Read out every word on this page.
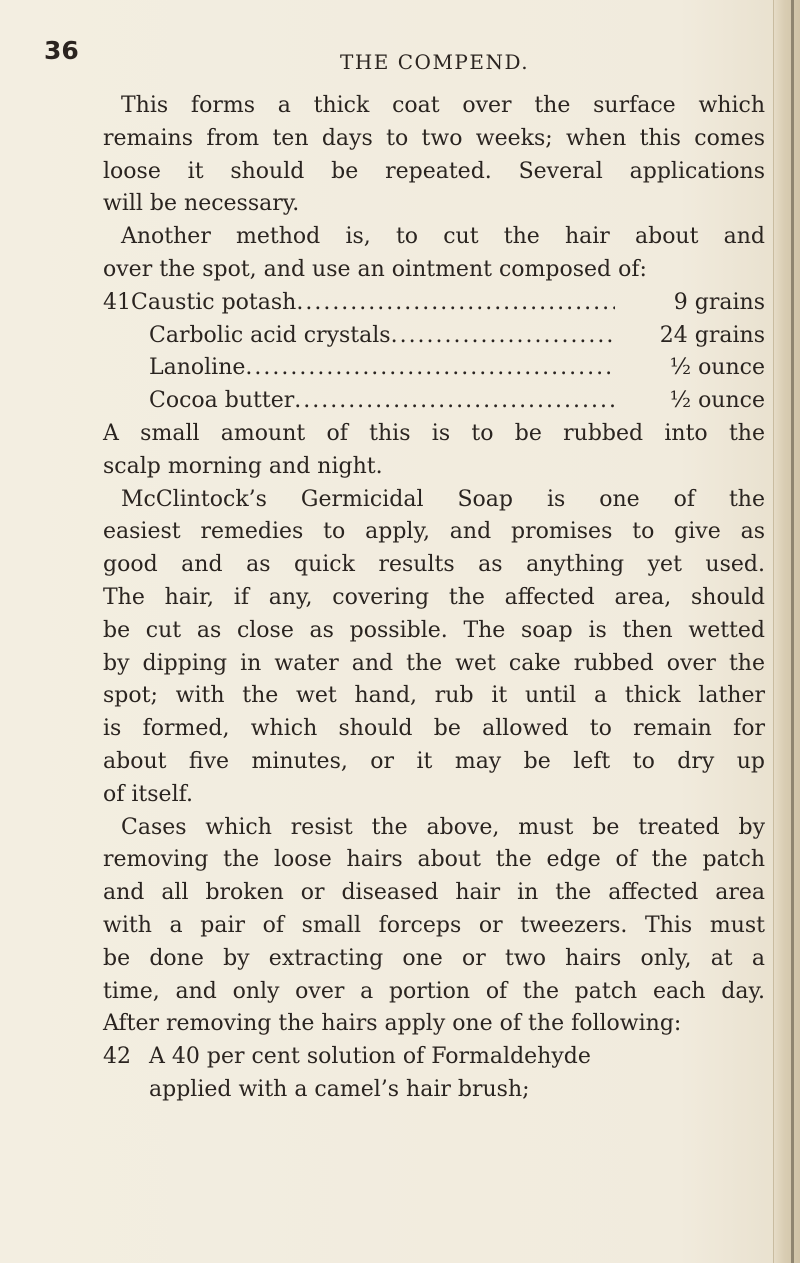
36	THE COMPEND.
This forms a thick coat over the surface which
remains from ten days to two weeks; when this comes
loose it should be repeated. Several applications
will be necessary.
Another method is, to cut the hair about and
over the spot, and use an ointment composed of:
41 Caustic potash .....	9 grains
Carbolic acid crystals .....	24 grains
Lanoline .....	½ ounce
Cocoa butter .....	½ ounce
A small amount of this is to be rubbed into the
scalp morning and night.
McClintock’s Germicidal Soap is one of the
easiest remedies to apply, and promises to give as
good and as quick results as anything yet used.
The hair, if any, covering the affected area, should
be cut as close as possible. The soap is then wetted
by dipping in water and the wet cake rubbed over the
spot; with the wet hand, rub it until a thick lather
is formed, which should be allowed to remain for
about five minutes, or it may be left to dry up
of itself.
Cases which resist the above, must be treated by
removing the loose hairs about the edge of the patch
and all broken or diseased hair in the affected area
with a pair of small forceps or tweezers. This must
be done by extracting one or two hairs only, at a
time, and only over a portion of the patch each day.
After removing the hairs apply one of the following:
42 A 40 per cent solution of Formaldehyde
applied with a camel’s hair brush;
